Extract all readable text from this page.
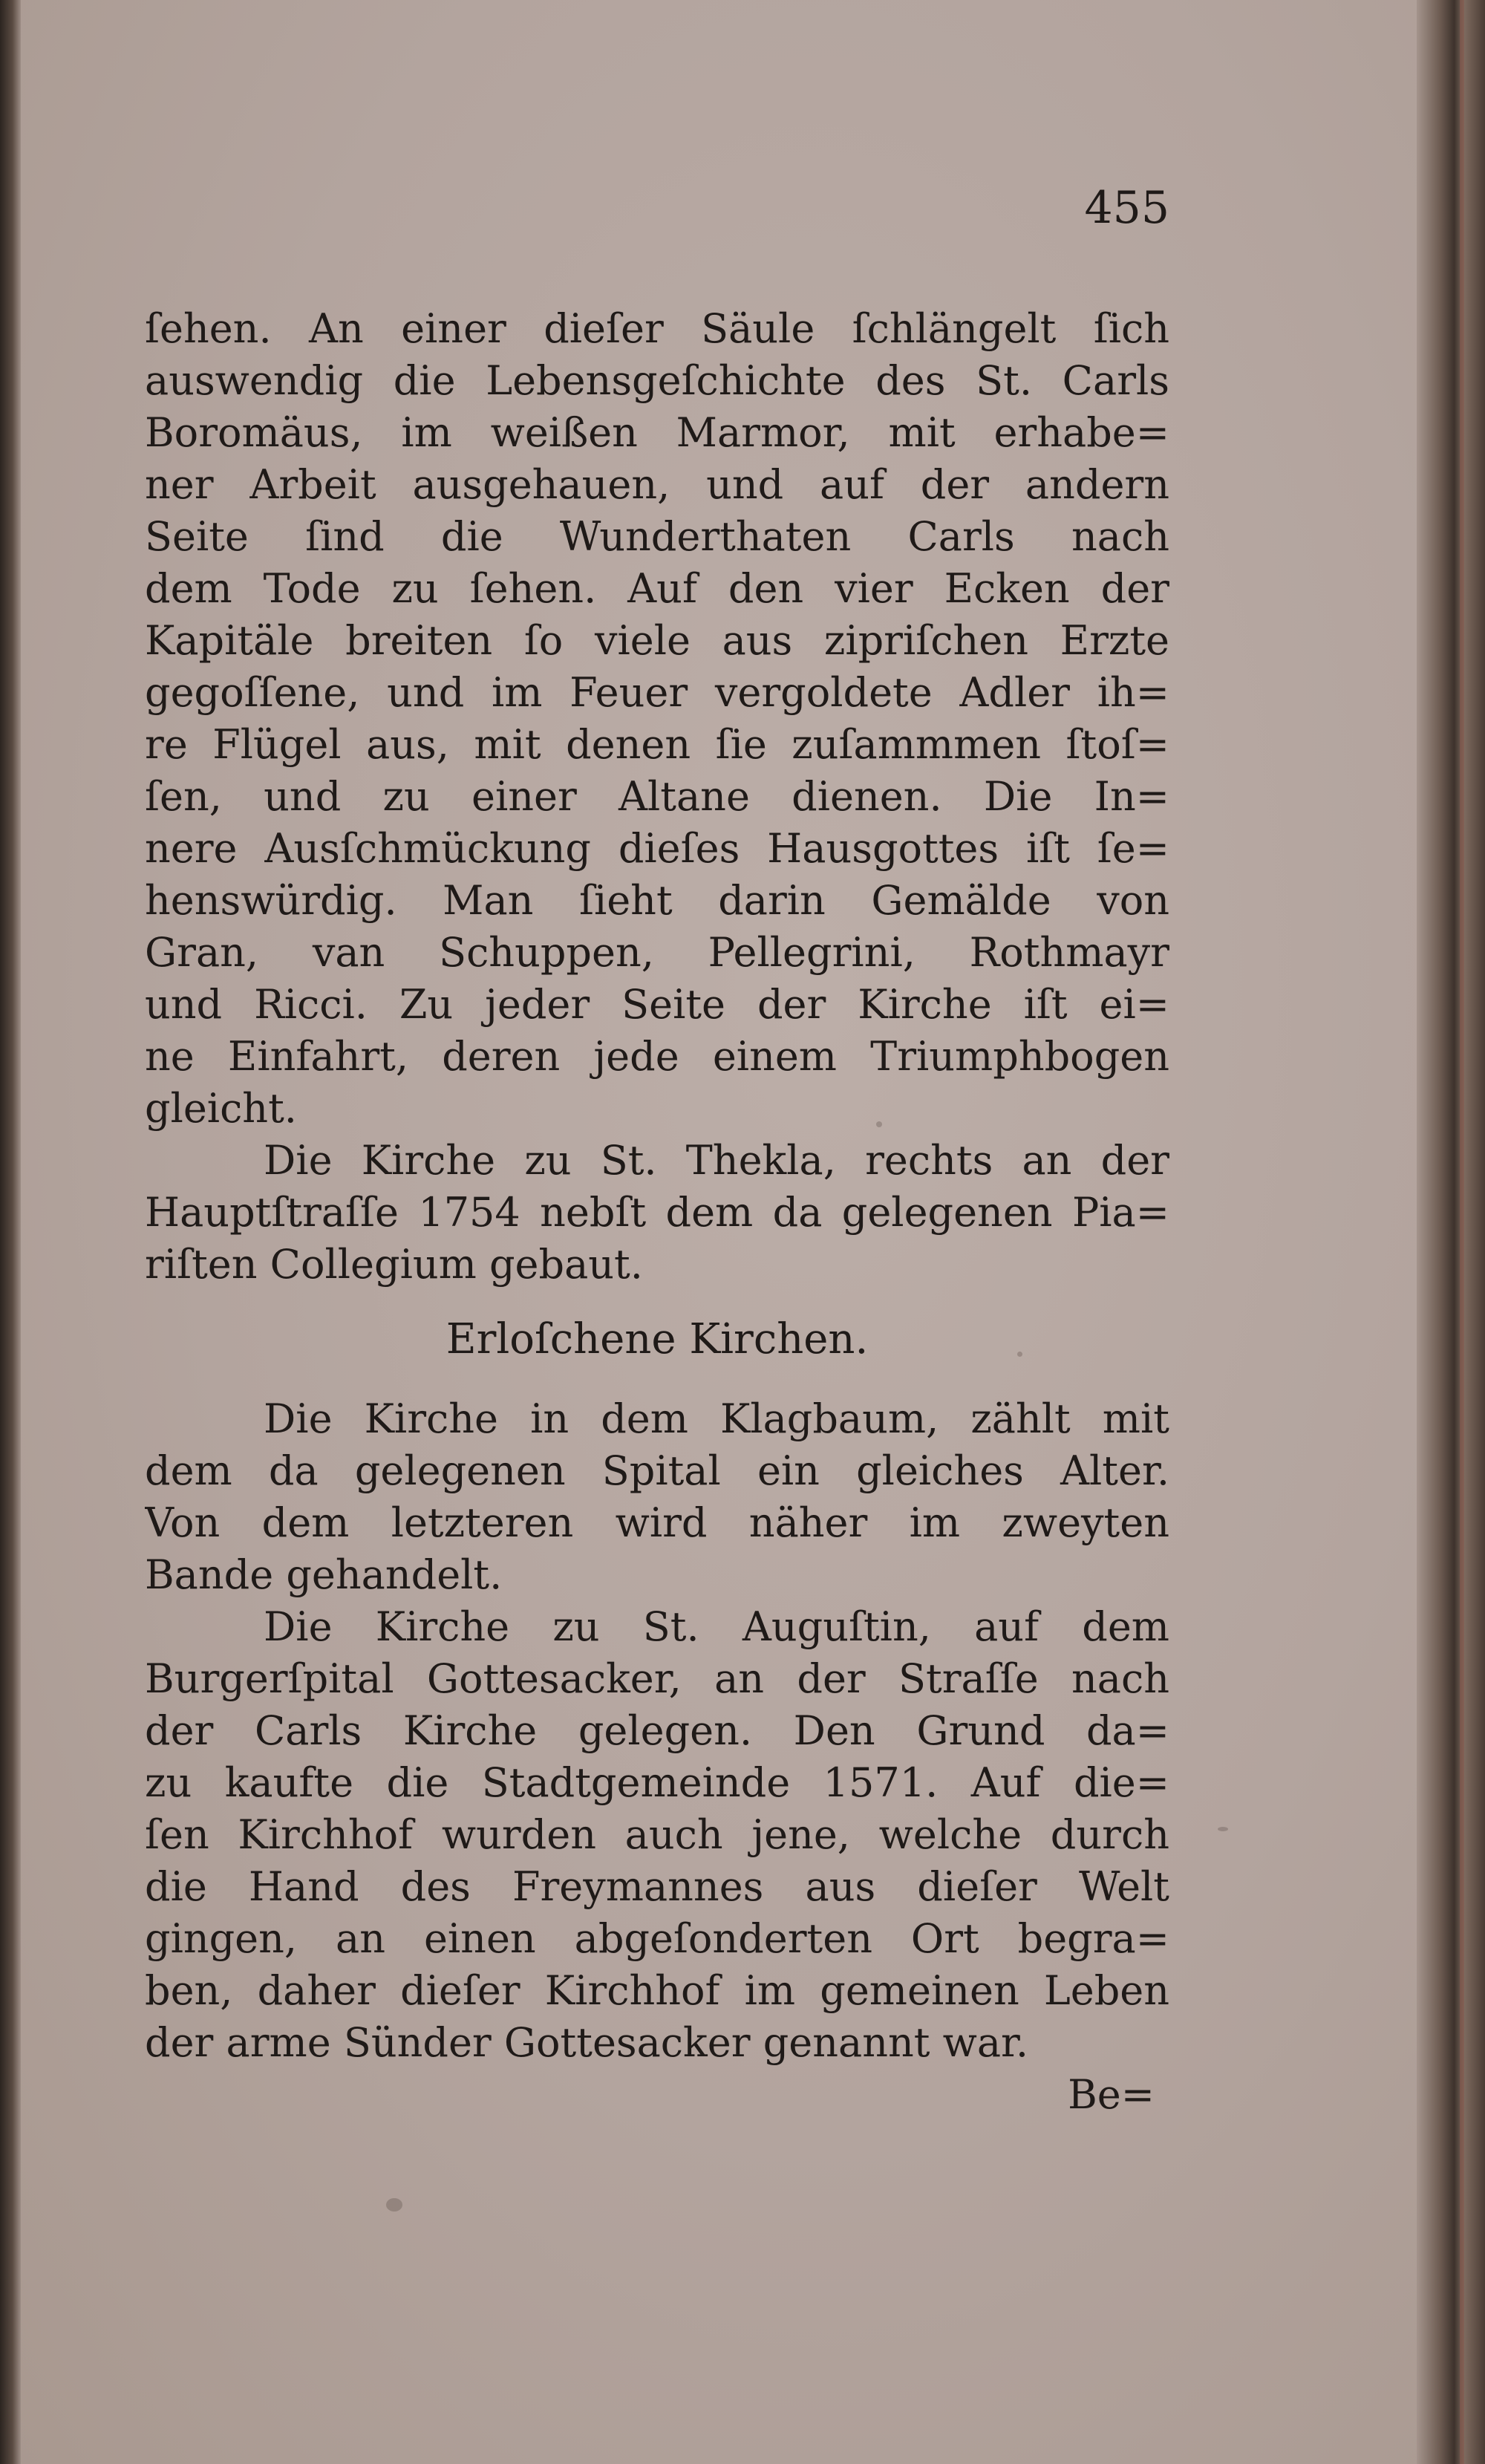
455
ſehen. An einer dieſer Säule ſchlängelt ſich
auswendig die Lebensgeſchichte des St. Carls
Boromäus, im weißen Marmor, mit erhabe=
ner Arbeit ausgehauen, und auf der andern
Seite ſind die Wunderthaten Carls nach
dem Tode zu ſehen. Auf den vier Ecken der
Kapitäle breiten ſo viele aus zipriſchen Erzte
gegoſſene, und im Feuer vergoldete Adler ih=
re Flügel aus, mit denen ſie zuſammmen ſtoſ=
ſen, und zu einer Altane dienen. Die In=
nere Ausſchmückung dieſes Hausgottes iſt ſe=
henswürdig. Man ſieht darin Gemälde von
Gran, van Schuppen, Pellegrini, Rothmayr
und Ricci. Zu jeder Seite der Kirche iſt ei=
ne Einfahrt, deren jede einem Triumphbogen
gleicht.
Die Kirche zu St. Thekla, rechts an der
Hauptſtraſſe 1754 nebſt dem da gelegenen Pia=
riſten Collegium gebaut.
Erloſchene Kirchen.
Die Kirche in dem Klagbaum, zählt mit
dem da gelegenen Spital ein gleiches Alter.
Von dem letzteren wird näher im zweyten
Bande gehandelt.
Die Kirche zu St. Auguſtin, auf dem
Burgerſpital Gottesacker, an der Straſſe nach
der Carls Kirche gelegen. Den Grund da=
zu kaufte die Stadtgemeinde 1571. Auf die=
ſen Kirchhof wurden auch jene, welche durch
die Hand des Freymannes aus dieſer Welt
gingen, an einen abgeſonderten Ort begra=
ben, daher dieſer Kirchhof im gemeinen Leben
der arme Sünder Gottesacker genannt war.
Be=
